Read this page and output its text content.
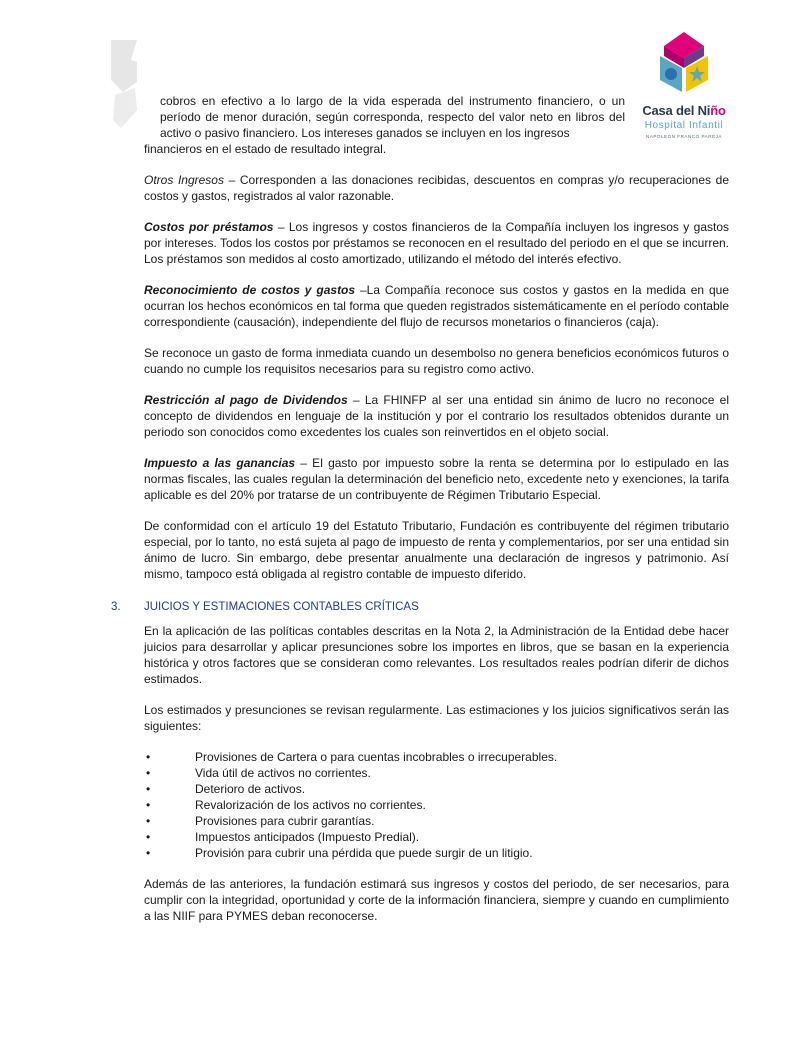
Casa del Niño
Hospital Infantil
NAPOLEÓN FRANCO PAREJA

cobros en efectivo a lo largo de la vida esperada del instrumento financiero, o un período de menor duración, según corresponda, respecto del valor neto en libros del activo o pasivo financiero. Los intereses ganados se incluyen en los ingresos
financieros en el estado de resultado integral.

Otros Ingresos – Corresponden a las donaciones recibidas, descuentos en compras y/o recuperaciones de costos y gastos, registrados al valor razonable.

Costos por préstamos – Los ingresos y costos financieros de la Compañía incluyen los ingresos y gastos por intereses. Todos los costos por préstamos se reconocen en el resultado del periodo en el que se incurren. Los préstamos son medidos al costo amortizado, utilizando el método del interés efectivo.

Reconocimiento de costos y gastos –La Compañía reconoce sus costos y gastos en la medida en que ocurran los hechos económicos en tal forma que queden registrados sistemáticamente en el período contable correspondiente (causación), independiente del flujo de recursos monetarios o financieros (caja).

Se reconoce un gasto de forma inmediata cuando un desembolso no genera beneficios económicos futuros o cuando no cumple los requisitos necesarios para su registro como activo.

Restricción al pago de Dividendos – La FHINFP al ser una entidad sin ánimo de lucro no reconoce el concepto de dividendos en lenguaje de la institución y por el contrario los resultados obtenidos durante un periodo son conocidos como excedentes los cuales son reinvertidos en el objeto social.

Impuesto a las ganancias – El gasto por impuesto sobre la renta se determina por lo estipulado en las normas fiscales, las cuales regulan la determinación del beneficio neto, excedente neto y exenciones, la tarifa aplicable es del 20% por tratarse de un contribuyente de Régimen Tributario Especial.

De conformidad con el artículo 19 del Estatuto Tributario, Fundación es contribuyente del régimen tributario especial, por lo tanto, no está sujeta al pago de impuesto de renta y complementarios, por ser una entidad sin ánimo de lucro. Sin embargo, debe presentar anualmente una declaración de ingresos y patrimonio. Así mismo, tampoco está obligada al registro contable de impuesto diferido.

3. JUICIOS Y ESTIMACIONES CONTABLES CRÍTICAS

En la aplicación de las políticas contables descritas en la Nota 2, la Administración de la Entidad debe hacer juicios para desarrollar y aplicar presunciones sobre los importes en libros, que se basan en la experiencia histórica y otros factores que se consideran como relevantes. Los resultados reales podrían diferir de dichos estimados.

Los estimados y presunciones se revisan regularmente. Las estimaciones y los juicios significativos serán las siguientes:

•	Provisiones de Cartera o para cuentas incobrables o irrecuperables.
•	Vida útil de activos no corrientes.
•	Deterioro de activos.
•	Revalorización de los activos no corrientes.
•	Provisiones para cubrir garantías.
•	Impuestos anticipados (Impuesto Predial).
•	Provisión para cubrir una pérdida que puede surgir de un litigio.

Además de las anteriores, la fundación estimará sus ingresos y costos del periodo, de ser necesarios, para cumplir con la integridad, oportunidad y corte de la información financiera, siempre y cuando en cumplimiento a las NIIF para PYMES deban reconocerse.
